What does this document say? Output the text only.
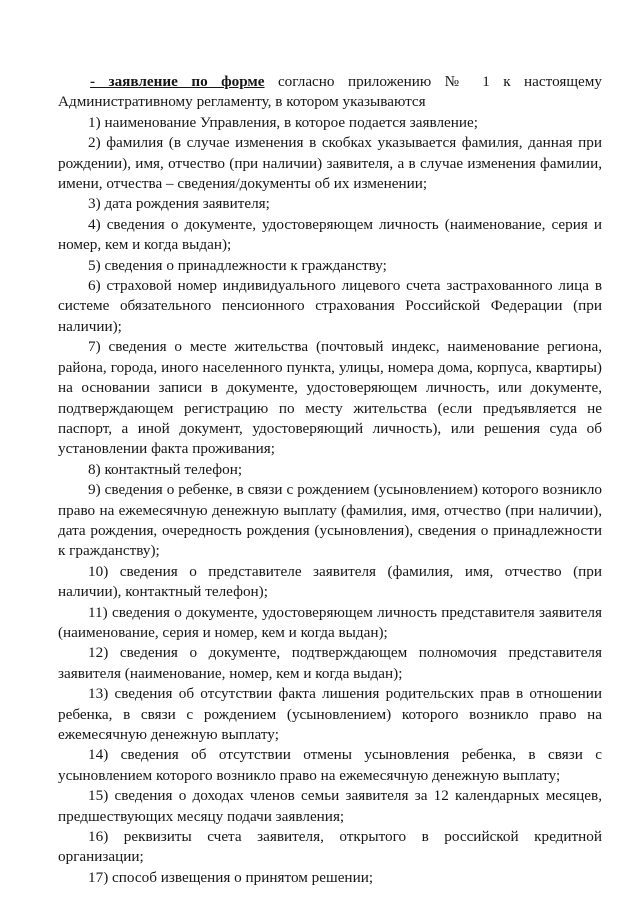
- заявление по форме согласно приложению № 1 к настоящему Административному регламенту, в котором указываются

1) наименование Управления, в которое подается заявление;

2) фамилия (в случае изменения в скобках указывается фамилия, данная при рождении), имя, отчество (при наличии) заявителя, а в случае изменения фамилии, имени, отчества – сведения/документы об их изменении;

3) дата рождения заявителя;

4) сведения о документе, удостоверяющем личность (наименование, серия и номер, кем и когда выдан);

5) сведения о принадлежности к гражданству;

6) страховой номер индивидуального лицевого счета застрахованного лица в системе обязательного пенсионного страхования Российской Федерации (при наличии);

7) сведения о месте жительства (почтовый индекс, наименование региона, района, города, иного населенного пункта, улицы, номера дома, корпуса, квартиры) на основании записи в документе, удостоверяющем личность, или документе, подтверждающем регистрацию по месту жительства (если предъявляется не паспорт, а иной документ, удостоверяющий личность), или решения суда об установлении факта проживания;

8) контактный телефон;

9) сведения о ребенке, в связи с рождением (усыновлением) которого возникло право на ежемесячную денежную выплату (фамилия, имя, отчество (при наличии), дата рождения, очередность рождения (усыновления), сведения о принадлежности к гражданству);

10) сведения о представителе заявителя (фамилия, имя, отчество (при наличии), контактный телефон);

11) сведения о документе, удостоверяющем личность представителя заявителя (наименование, серия и номер, кем и когда выдан);

12) сведения о документе, подтверждающем полномочия представителя заявителя (наименование, номер, кем и когда выдан);

13) сведения об отсутствии факта лишения родительских прав в отношении ребенка, в связи с рождением (усыновлением) которого возникло право на ежемесячную денежную выплату;

14) сведения об отсутствии отмены усыновления ребенка, в связи с усыновлением которого возникло право на ежемесячную денежную выплату;

15) сведения о доходах членов семьи заявителя за 12 календарных месяцев, предшествующих месяцу подачи заявления;

16) реквизиты счета заявителя, открытого в российской кредитной организации;

17) способ извещения о принятом решении;
